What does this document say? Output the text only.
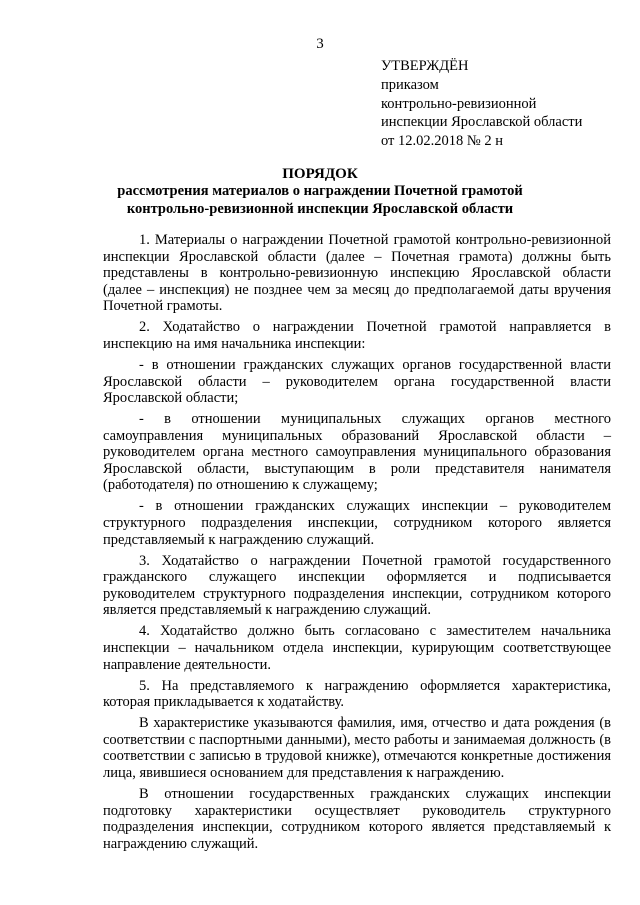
3
УТВЕРЖДЁН
приказом
контрольно-ревизионной
инспекции Ярославской области
от 12.02.2018 № 2 н
ПОРЯДОК
рассмотрения материалов о награждении Почетной грамотой
контрольно-ревизионной инспекции Ярославской области

1. Материалы о награждении Почетной грамотой контрольно-ревизионной инспекции Ярославской области (далее – Почетная грамота) должны быть представлены в контрольно-ревизионную инспекцию Ярославской области (далее – инспекция) не позднее чем за месяц до предполагаемой даты вручения Почетной грамоты.

2. Ходатайство о награждении Почетной грамотой направляется в инспекцию на имя начальника инспекции:

- в отношении гражданских служащих органов государственной власти Ярославской области – руководителем органа государственной власти Ярославской области;

- в отношении муниципальных служащих органов местного самоуправления муниципальных образований Ярославской области – руководителем органа местного самоуправления муниципального образования Ярославской области, выступающим в роли представителя нанимателя (работодателя) по отношению к служащему;

- в отношении гражданских служащих инспекции – руководителем структурного подразделения инспекции, сотрудником которого является представляемый к награждению служащий.

3. Ходатайство о награждении Почетной грамотой государственного гражданского служащего инспекции оформляется и подписывается руководителем структурного подразделения инспекции, сотрудником которого является представляемый к награждению служащий.

4. Ходатайство должно быть согласовано с заместителем начальника инспекции – начальником отдела инспекции, курирующим соответствующее направление деятельности.

5. На представляемого к награждению оформляется характеристика, которая прикладывается к ходатайству.

В характеристике указываются фамилия, имя, отчество и дата рождения (в соответствии с паспортными данными), место работы и занимаемая должность (в соответствии с записью в трудовой книжке), отмечаются конкретные достижения лица, явившиеся основанием для представления к награждению.

В отношении государственных гражданских служащих инспекции подготовку характеристики осуществляет руководитель структурного подразделения инспекции, сотрудником которого является представляемый к награждению служащий.
